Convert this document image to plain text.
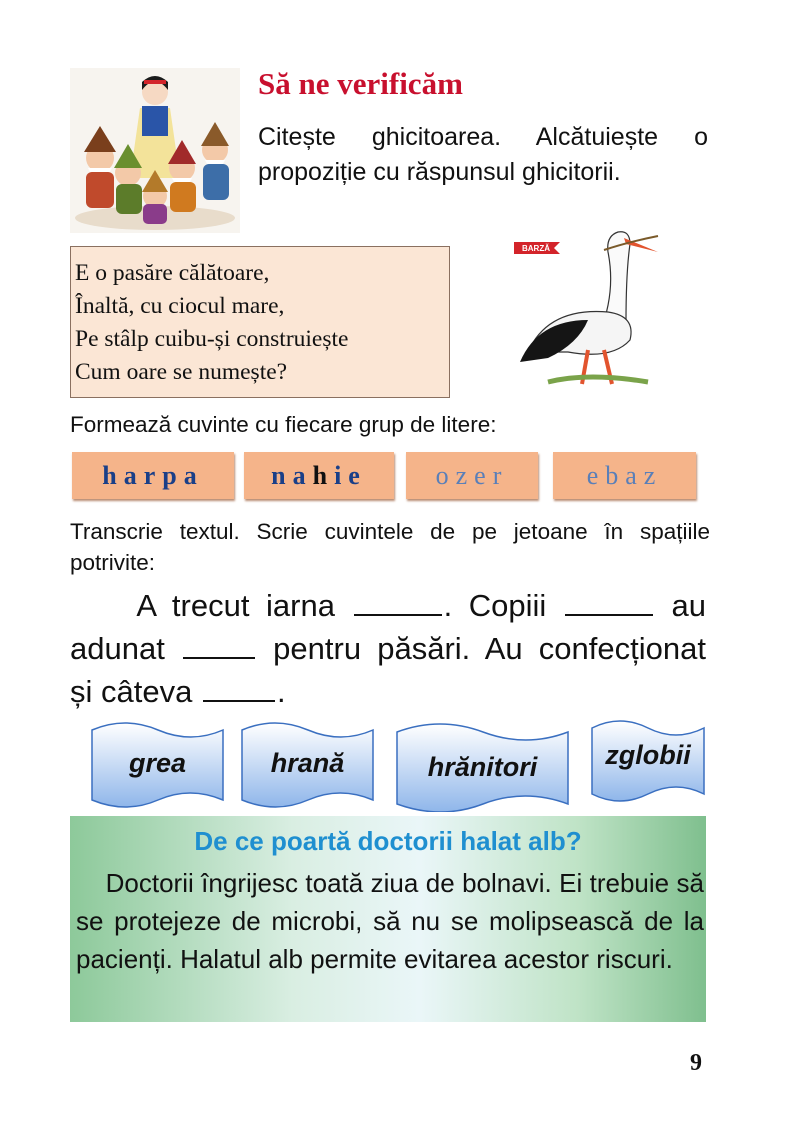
Să ne verificăm
Citește ghicitoarea. Alcătuiește o
propoziție cu răspunsul ghicitorii.
E o pasăre călătoare,
Înaltă, cu ciocul mare,
Pe stâlp cuibu-și construiește
Cum oare se numește?
BARZĂ
Formează cuvinte cu fiecare grup de litere:
harpa	nahie	ozer	ebaz
Transcrie textul. Scrie cuvintele de pe jetoane în spațiile potrivite:
A trecut iarna	. Copiii	au
adunat	pentru păsări. Au confecționat
și câteva	.
grea	hrană	hrănitori	zglobii
De ce poartă doctorii halat alb?
Doctorii îngrijesc toată ziua de bolnavi. Ei trebuie să se protejeze de microbi, să nu se molipsească de la pacienți. Halatul alb permite evitarea acestor riscuri.
9
